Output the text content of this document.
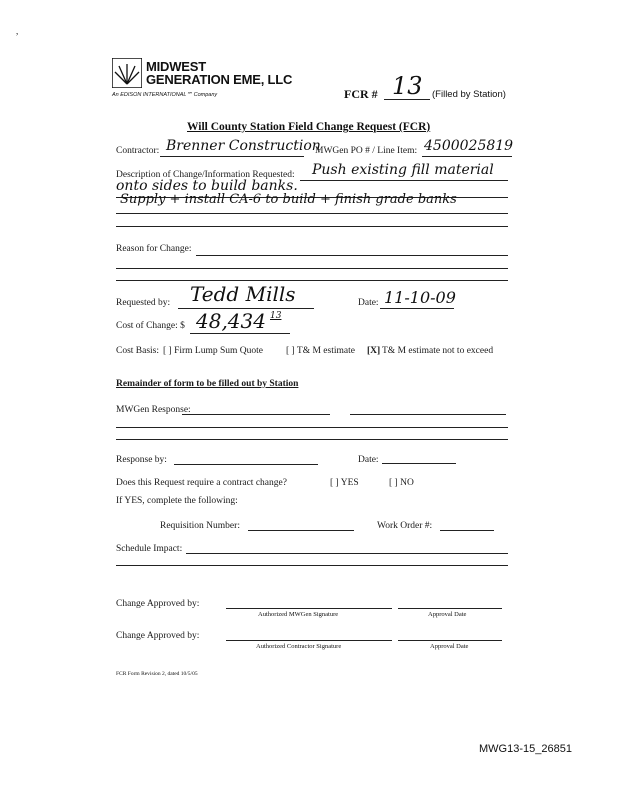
,
MIDWEST
GENERATION EME, LLC
An EDISON INTERNATIONAL℠ Company	FCR # 13 (Filled by Station)
Will County Station Field Change Request (FCR)
Contractor: Brenner Construction
MWGen PO # / Line Item: 4500025819
Description of Change/Information Requested: Push existing fill material
onto sides to build banks.
Supply + install CA-6 to build + finish grade banks
Reason for Change:
Requested by: Tedd Mills	Date: 11-10-09
Cost of Change: $ 48,434 13
Cost Basis: [ ] Firm Lump Sum Quote [ ] T& M estimate [X] T& M estimate not to exceed
Remainder of form to be filled out by Station
MWGen Response:
Response by:	Date:
Does this Request require a contract change?	[ ] YES	[ ] NO
If YES, complete the following:
Requisition Number:	Work Order #:
Schedule Impact:
Change Approved by:
Authorized MWGen Signature	Approval Date
Change Approved by:
Authorized Contractor Signature	Approval Date
FCR Form Revision 2, dated 10/5/05
MWG13-15_26851
